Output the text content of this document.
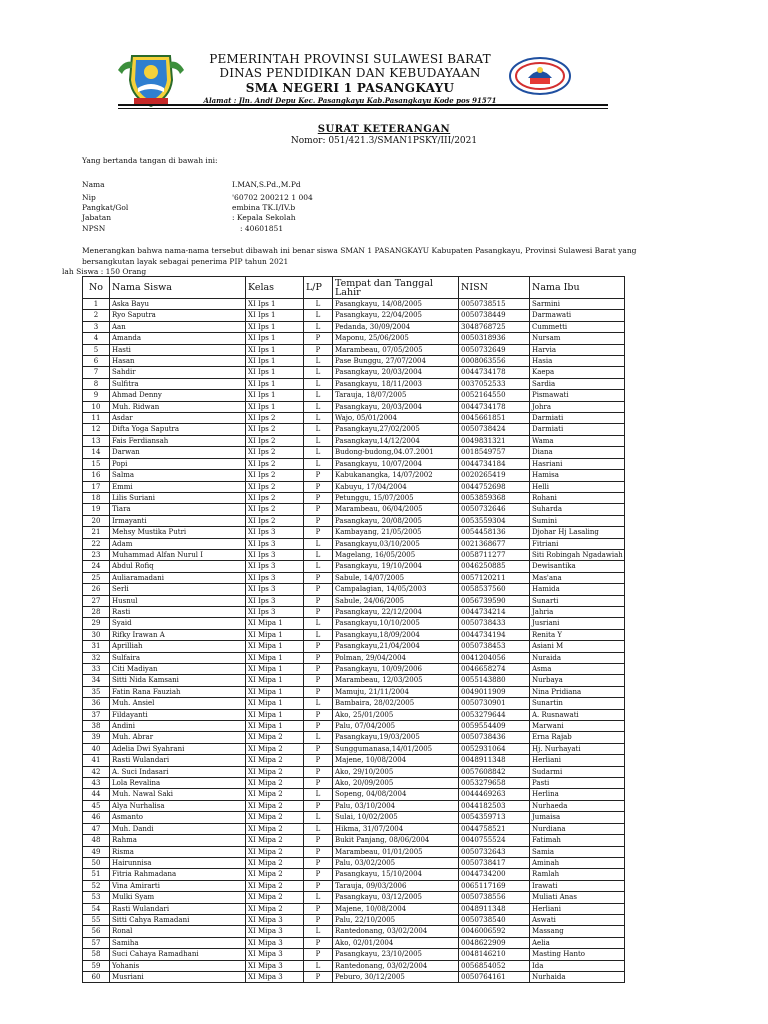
PEMERINTAH PROVINSI SULAWESI BARAT
DINAS PENDIDIKAN DAN KEBUDAYAAN
SMA NEGERI 1 PASANGKAYU
Alamat : Jln. Andi Depu Kec. Pasangkayu Kab.Pasangkayu Kode pos 91571
SURAT KETERANGAN
Nomor: 051/421.3/SMAN1PSKY/III/2021
Yang bertanda tangan di bawah ini:
Nama	I.MAN,S.Pd.,M.Pd
Nip	'60702 200212 1 004
Pangkat/Gol	embina TK.I/IV.b
Jabatan	: Kepala Sekolah
NPSN	: 40601851
Menerangkan bahwa nama-nama tersebut dibawah ini benar siswa SMAN 1 PASANGKAYU Kabupaten Pasangkayu, Provinsi Sulawesi Barat yang bersangkutan layak sebagai penerima PIP tahun 2021
lah Siswa : 150 Orang
No	Nama Siswa	Kelas	L/P	Tempat dan Tanggal Lahir	NISN	Nama Ibu
1	Aska Bayu	XI Ips 1	L	Pasangkayu, 14/08/2005	0050738515	Sarmini
2	Ryo Saputra	XI Ips 1	L	Pasangkayu, 22/04/2005	0050738449	Darmawati
3	Aan	XI Ips 1	L	Pedanda, 30/09/2004	3048768725	Cummetti
4	Amanda	XI Ips 1	P	Maponu, 25/06/2005	0050318936	Nursam
5	Hasti	XI Ips 1	P	Marambeau, 07/05/2005	0050732649	Harvia
6	Hasan	XI Ips 1	L	Pase Bunggu, 27/07/2004	0008063556	Hasia
7	Sahdir	XI Ips 1	L	Pasangkayu, 20/03/2004	0044734178	Kaepa
8	Sulfitra	XI Ips 1	L	Pasangkayu, 18/11/2003	0037052533	Sardia
9	Ahmad Denny	XI Ips 1	L	Tarauja, 18/07/2005	0052164550	Pismawati
10	Muh. Ridwan	XI Ips 1	L	Pasangkayu, 20/03/2004	0044734178	Johra
11	Asdar	XI Ips 2	L	Wajo, 05/01/2004	0045661851	Darmiati
12	Difta Yoga Saputra	XI Ips 2	L	Pasangkayu,27/02/2005	0050738424	Darmiati
13	Fais Ferdiansah	XI Ips 2	L	Pasangkayu,14/12/2004	0049831321	Wama
14	Darwan	XI Ips 2	L	Budong-budong,04.07.2001	0018549757	Diana
15	Popi	XI Ips 2	L	Pasangkayu, 10/07/2004	0044734184	Hasriani
16	Salma	XI Ips 2	P	Kabukanangka, 14/07/2002	0020265419	Hamisa
17	Emmi	XI Ips 2	P	Kabuyu, 17/04/2004	0044752698	Helli
18	Lilis Suriani	XI Ips 2	P	Petunggu, 15/07/2005	0053859368	Rohani
19	Tiara	XI Ips 2	P	Marambeau, 06/04/2005	0050732646	Suharda
20	Irmayanti	XI Ips 2	P	Pasangkayu, 20/08/2005	0053559304	Sumini
21	Mehsy Mustika Putri	XI Ips 3	P	Kambayang, 21/05/2005	0054458136	Djohar Hj Lasaling
22	Adam	XI Ips 3	L	Pasangkayu,03/10/2005	0021368677	Fitriani
23	Muhammad Alfan Nurul I	XI Ips 3	L	Magelang, 16/05/2005	0058711277	Siti Robingah Ngadawiah
24	Abdul Rofiq	XI Ips 3	L	Pasangkayu, 19/10/2004	0046250885	Dewisantika
25	Auliaramadani	XI Ips 3	P	Sabule, 14/07/2005	0057120211	Mas'ana
26	Serli	XI Ips 3	P	Campalagian, 14/05/2003	0058537560	Hamida
27	Husnul	XI Ips 3	P	Sabule, 24/06/2005	0056739590	Sunarti
28	Rasti	XI Ips 3	P	Pasangkayu, 22/12/2004	0044734214	Jahria
29	Syaid	XI Mipa 1	L	Pasangkayu,10/10/2005	0050738433	Jusriani
30	Rifky Irawan A	XI Mipa 1	L	Pasangkayu,18/09/2004	0044734194	Renita Y
31	Aprilliah	XI Mipa 1	P	Pasangkayu,21/04/2004	0050738453	Asiani M
32	Sulfaira	XI Mipa 1	P	Polman, 29/04/2004	0041204056	Nuraida
33	Citi Madiyan	XI Mipa 1	P	Pasangkayu, 10/09/2006	0046658274	Asma
34	Sitti Nida Kamsani	XI Mipa 1	P	Marambeau, 12/03/2005	0055143880	Nurbaya
35	Fatin Rana Fauziah	XI Mipa 1	P	Mamuju, 21/11/2004	0049011909	Nina Pridiana
36	Muh. Ansiel	XI Mipa 1	L	Bambaira, 28/02/2005	0050730901	Sunartin
37	Fildayanti	XI Mipa 1	P	Ako, 25/01/2005	0053279644	A. Rusnawati
38	Andini	XI Mipa 1	P	Palu, 07/04/2005	0059554409	Marwani
39	Muh. Abrar	XI Mipa 2	L	Pasangkayu,19/03/2005	0050738436	Erna Rajab
40	Adelia Dwi Syahrani	XI Mipa 2	P	Sunggumanasa,14/01/2005	0052931064	Hj. Nurhayati
41	Rasti Wulandari	XI Mipa 2	P	Majene, 10/08/2004	0048911348	Herliani
42	A. Suci Indasari	XI Mipa 2	P	Ako, 29/10/2005	0057608842	Sudarmi
43	Lola Revalina	XI Mipa 2	P	Ako, 20/09/2005	0053279658	Pasti
44	Muh. Nawal Saki	XI Mipa 2	L	Sopeng, 04/08/2004	0044469263	Herlina
45	Alya Nurhalisa	XI Mipa 2	P	Palu, 03/10/2004	0044182503	Nurhaeda
46	Asmanto	XI Mipa 2	L	Sulai, 10/02/2005	0054359713	Jumaisa
47	Muh. Dandi	XI Mipa 2	L	Hikma, 31/07/2004	0044758521	Nurdiana
48	Rahma	XI Mipa 2	P	Bukit Panjang, 08/06/2004	0040755524	Fatimah
49	Risma	XI Mipa 2	P	Marambeau, 01/01/2005	0050732643	Samia
50	Hairunnisa	XI Mipa 2	P	Palu, 03/02/2005	0050738417	Aminah
51	Fitria Rahmadana	XI Mipa 2	P	Pasangkayu, 15/10/2004	0044734200	Ramlah
52	Vina Amirarti	XI Mipa 2	P	Tarauja, 09/03/2006	0065117169	Irawati
53	Mulki Syam	XI Mipa 2	L	Pasangkayu, 03/12/2005	0050738556	Muliati Anas
54	Rasti Wulandari	XI Mipa 2	P	Majene, 10/08/2004	0048911348	Herliani
55	Sitti Cahya Ramadani	XI Mipa 3	P	Palu, 22/10/2005	0050738540	Aswati
56	Ronal	XI Mipa 3	L	Rantedonang, 03/02/2004	0046006592	Massang
57	Samiha	XI Mipa 3	P	Ako, 02/01/2004	0048622909	Aelia
58	Suci Cahaya Ramadhani	XI Mipa 3	P	Pasangkayu, 23/10/2005	0048146210	Masting Hanto
59	Yohanis	XI Mipa 3	L	Rantedonang, 03/02/2004	0056854052	Ida
60	Musriani	XI Mipa 3	P	Peburo, 30/12/2005	0050764161	Nurhaida
